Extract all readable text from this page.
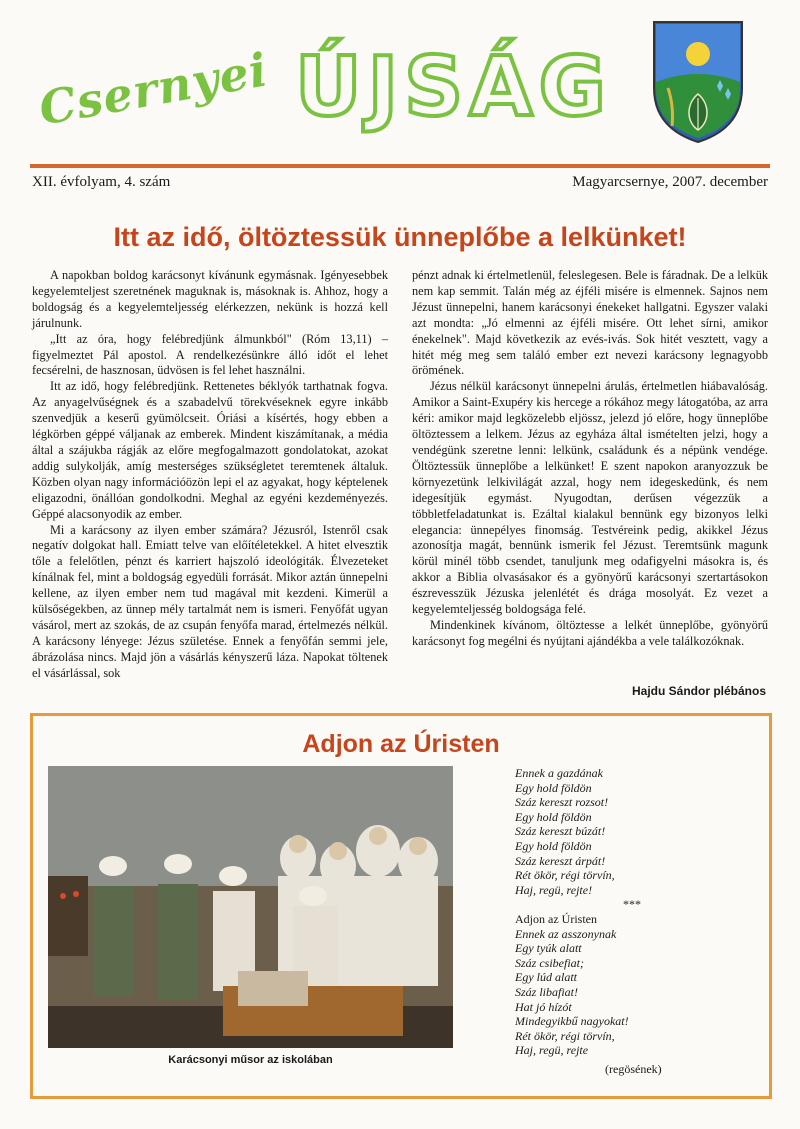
Csernyei ÚJSÁG
XII. évfolyam, 4. szám	Magyarcsernye, 2007. december
Itt az idő, öltöztessük ünneplőbe a lelkünket!

A napokban boldog karácsonyt kívánunk egymásnak. Igényesebbek kegyelemteljest szeretnének maguknak is, másoknak is. Ahhoz, hogy a boldogság és a kegyelemteljesség elérkezzen, nekünk is hozzá kell járulnunk.

„Itt az óra, hogy felébredjünk álmunkból" (Róm 13,11) – figyelmeztet Pál apostol. A rendelkezésünkre álló időt el lehet fecsérelni, de hasznosan, üdvösen is fel lehet használni.

Itt az idő, hogy felébredjünk. Rettenetes béklyók tarthatnak fogva. Az anyagelvűségnek és a szabadelvű törekvéseknek egyre inkább szenvedjük a keserű gyümölcseit. Óriási a kísértés, hogy ebben a légkörben géppé váljanak az emberek. Mindent kiszámítanak, a média által a szájukba rágják az előre megfogalmazott gondolatokat, azokat addig sulykolják, amíg mesterséges szükségletet teremtenek általuk. Közben olyan nagy információözön lepi el az agyakat, hogy képtelenek eligazodni, önállóan gondolkodni. Meghal az egyéni kezdeményezés. Géppé alacsonyodik az ember.

Mi a karácsony az ilyen ember számára? Jézusról, Istenről csak negatív dolgokat hall. Emiatt telve van előítéletekkel. A hitet elvesztik tőle a felelőtlen, pénzt és karriert hajszoló ideológiták. Élvezeteket kínálnak fel, mint a boldogság egyedüli forrását. Mikor aztán ünnepelni kellene, az ilyen ember nem tud magával mit kezdeni. Kimerül a külsőségekben, az ünnep mély tartalmát nem is ismeri. Fenyőfát ugyan vásárol, mert az szokás, de az csupán fenyőfa marad, értelmezés nélkül. A karácsony lényege: Jézus születése. Ennek a fenyőfán semmi jele, ábrázolása nincs. Majd jön a vásárlás kényszerű láza. Napokat töltenek el vásárlással, sok

pénzt adnak ki értelmetlenül, feleslegesen. Bele is fáradnak. De a lelkük nem kap semmit. Talán még az éjféli misére is elmennek. Sajnos nem Jézust ünnepelni, hanem karácsonyi énekeket hallgatni. Egyszer valaki azt mondta: „Jó elmenni az éjféli misére. Ott lehet sírni, amikor énekelnek". Majd következik az evés-ivás. Sok hitét vesztett, vagy a hitét még meg sem találó ember ezt nevezi karácsony legnagyobb örömének.

Jézus nélkül karácsonyt ünnepelni árulás, értelmetlen hiábavalóság. Amikor a Saint-Exupéry kis hercege a rókához megy látogatóba, az arra kéri: amikor majd legközelebb eljössz, jelezd jó előre, hogy ünneplőbe öltöztessem a lelkem. Jézus az egyháza által ismételten jelzi, hogy a vendégünk szeretne lenni: lelkünk, családunk és a népünk vendége. Öltöztessük ünneplőbe a lelkünket! E szent napokon aranyozzuk be környezetünk lelkivilágát azzal, hogy nem idegeskedünk, és nem idegesítjük egymást. Nyugodtan, derűsen végezzük a többletfeladatunkat is. Ezáltal kialakul bennünk egy bizonyos lelki elegancia: ünnepélyes finomság. Testvéreink pedig, akikkel Jézus azonosítja magát, bennünk ismerik fel Jézust. Teremtsünk magunk körül minél több csendet, tanuljunk meg odafigyelni másokra is, és akkor a Biblia olvasásakor és a gyönyörű karácsonyi szertartásokon észrevesszük Jézuska jelenlétét és drága mosolyát. Ez vezet a kegyelemteljesség boldogsága felé.

Mindenkinek kívánom, öltöztesse a lelkét ünneplőbe, gyönyörű karácsonyt fog megélni és nyújtani ajándékba a vele találkozóknak.

Hajdu Sándor plébános
Adjon az Úristen
Karácsonyi műsor az iskolában
Ennek a gazdának
Egy hold földön
Száz kereszt rozsot!
Egy hold földön
Száz kereszt búzát!
Egy hold földön
Száz kereszt árpát!
Rét ökör, régi törvín,
Haj, regü, rejte!
***
Adjon az Úristen
Ennek az asszonynak
Egy tyúk alatt
Száz csibefiat;
Egy lúd alatt
Száz libafiat!
Hat jó hízót
Mindegyikbű nagyokat!
Rét ökör, régi törvín,
Haj, regü, rejte
(regösének)
